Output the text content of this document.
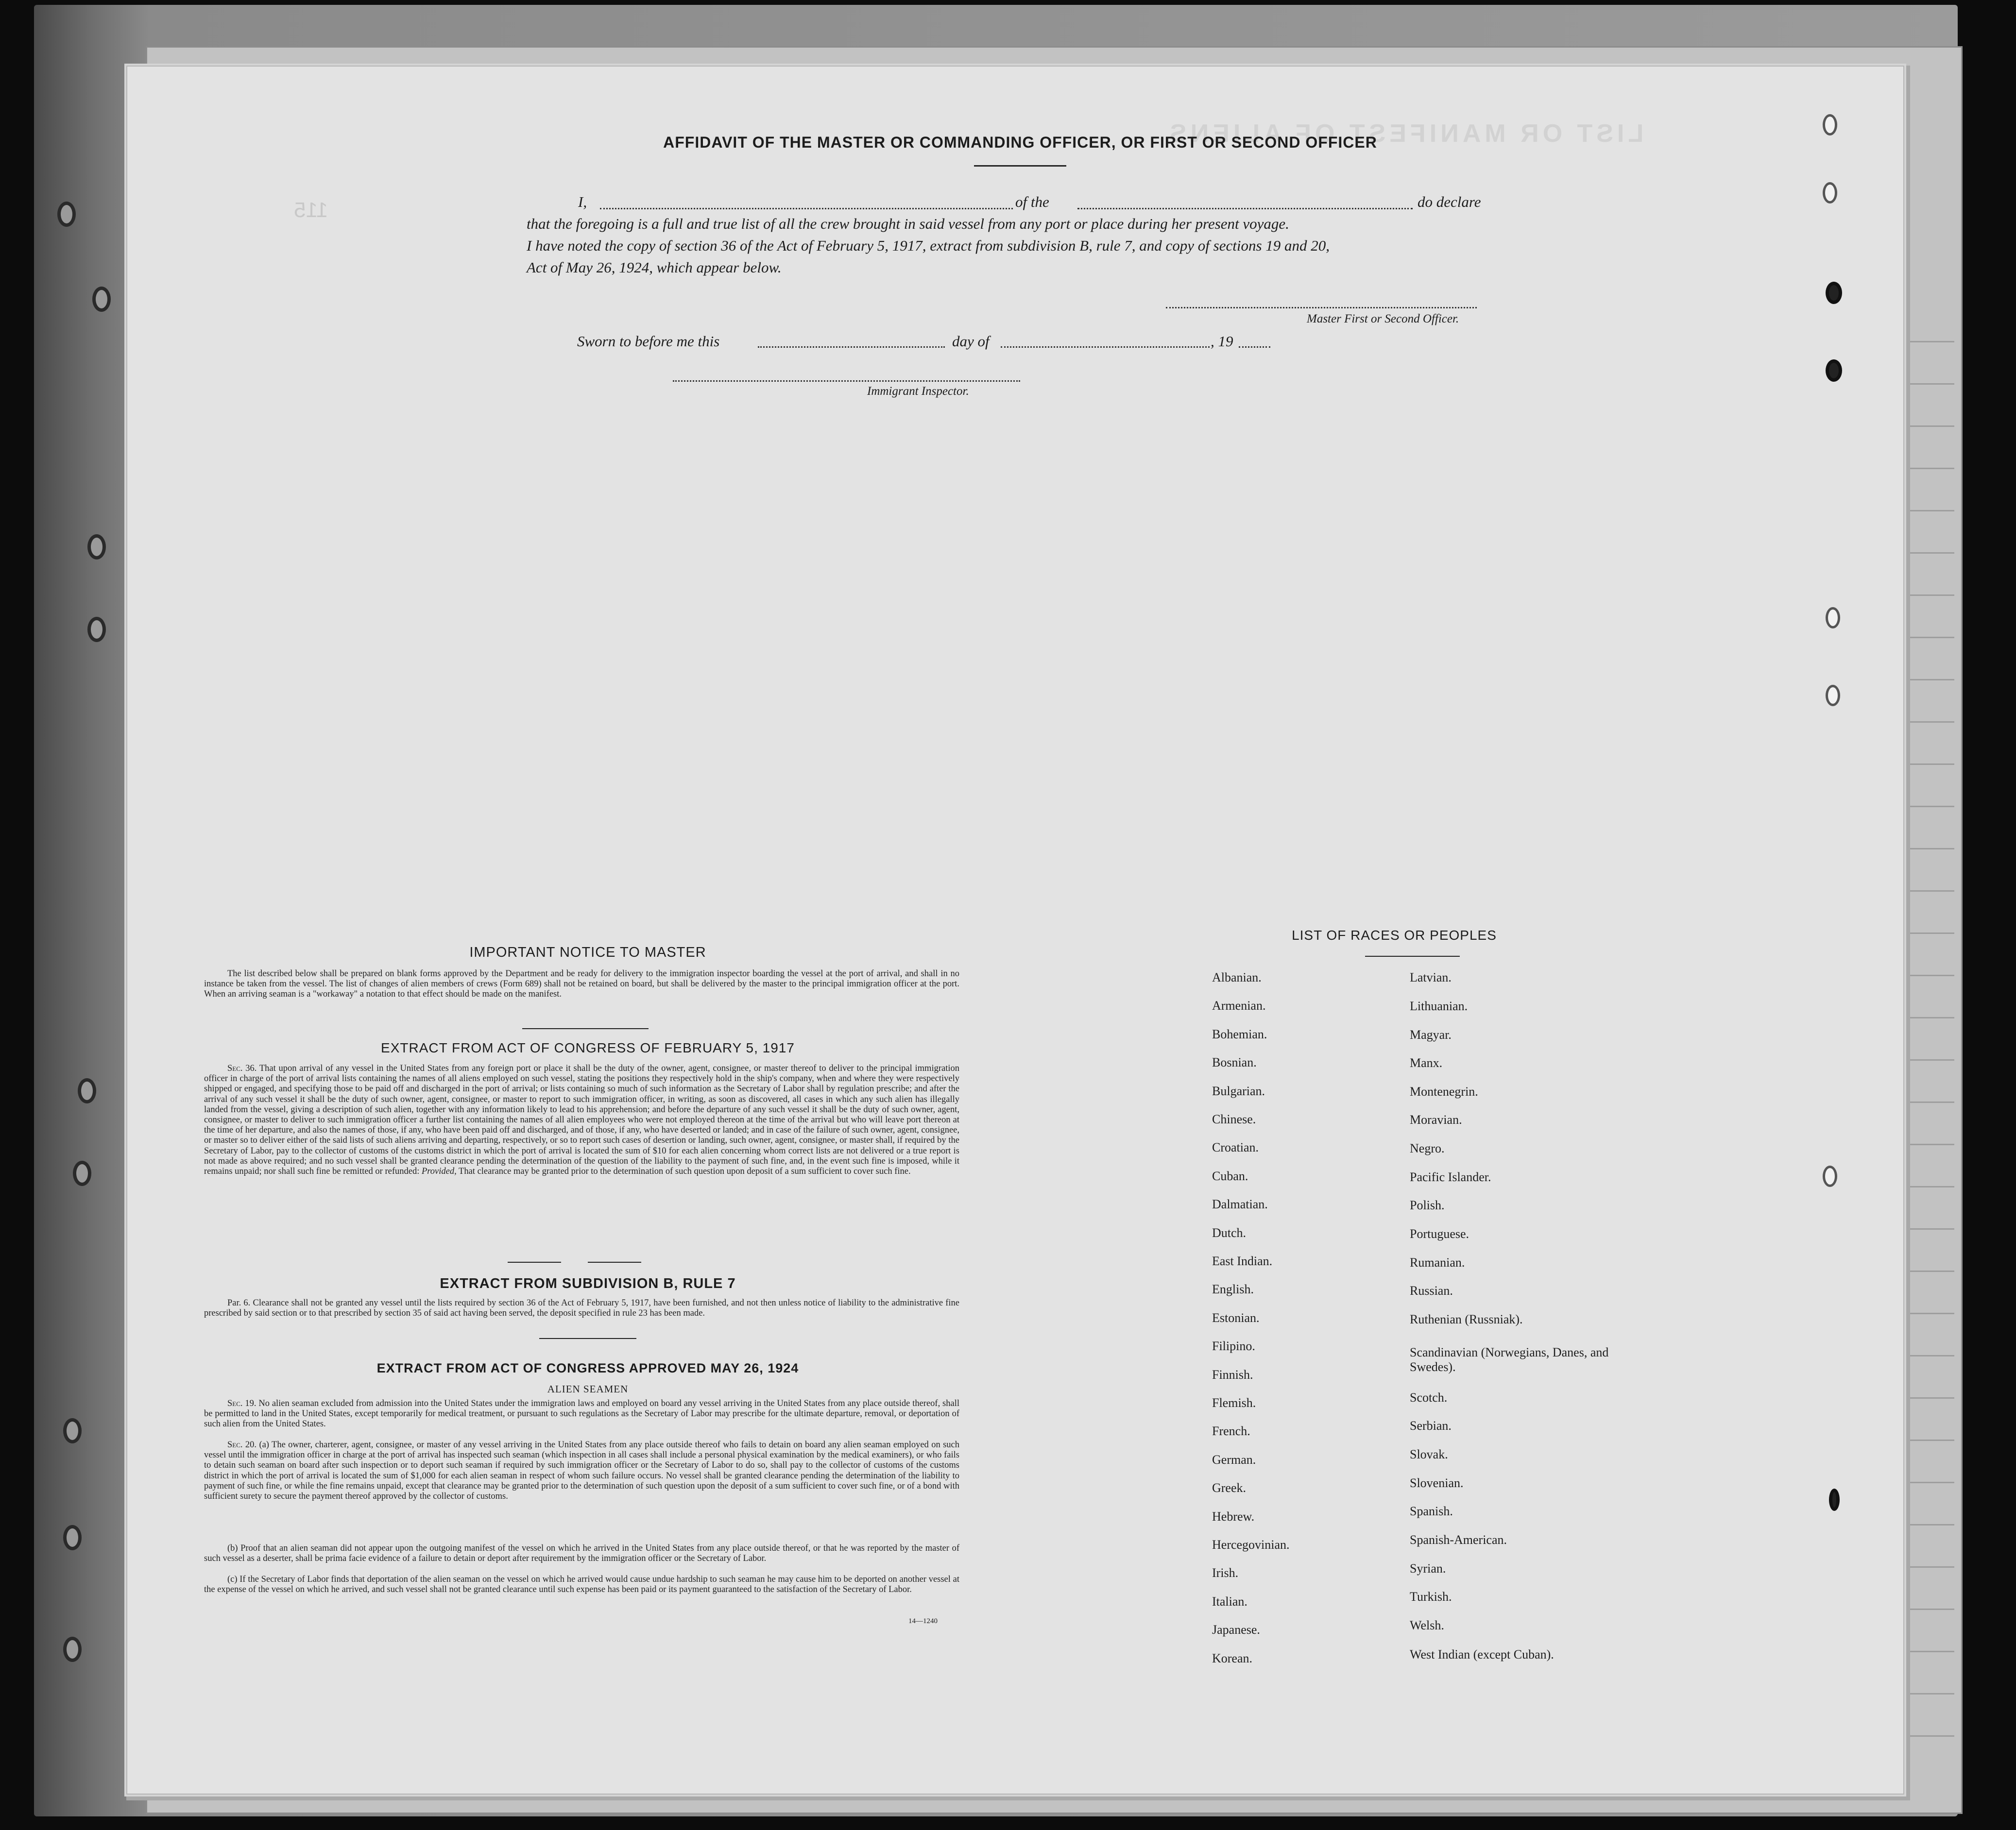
LIST OR MANIFEST OF ALIENS
115
AFFIDAVIT OF THE MASTER OR COMMANDING OFFICER, OR FIRST OR SECOND OFFICER
I,	of the	do declare
that the foregoing is a full and true list of all the crew brought in said vessel from any port or place during her present voyage.
I have noted the copy of section 36 of the Act of February 5, 1917, extract from subdivision B, rule 7, and copy of sections 19 and 20,
Act of May 26, 1924, which appear below.
Master First or Second Officer.
Sworn to before me this	day of	, 19
Immigrant Inspector.
IMPORTANT NOTICE TO MASTER
The list described below shall be prepared on blank forms approved by the Department and be ready for delivery to the immigration inspector boarding the vessel at the port of arrival, and shall in no instance be taken from the vessel. The list of changes of alien members of crews (Form 689) shall not be retained on board, but shall be delivered by the master to the principal immigration officer at the port. When an arriving seaman is a "workaway" a notation to that effect should be made on the manifest.
EXTRACT FROM ACT OF CONGRESS OF FEBRUARY 5, 1917
Sec. 36. That upon arrival of any vessel in the United States from any foreign port or place it shall be the duty of the owner, agent, consignee, or master thereof to deliver to the principal immigration officer in charge of the port of arrival lists containing the names of all aliens employed on such vessel, stating the positions they respectively hold in the ship's company, when and where they were respectively shipped or engaged, and specifying those to be paid off and discharged in the port of arrival; or lists containing so much of such information as the Secretary of Labor shall by regulation prescribe; and after the arrival of any such vessel it shall be the duty of such owner, agent, consignee, or master to report to such immigration officer, in writing, as soon as discovered, all cases in which any such alien has illegally landed from the vessel, giving a description of such alien, together with any information likely to lead to his apprehension; and before the departure of any such vessel it shall be the duty of such owner, agent, consignee, or master to deliver to such immigration officer a further list containing the names of all alien employees who were not employed thereon at the time of the arrival but who will leave port thereon at the time of her departure, and also the names of those, if any, who have been paid off and discharged, and of those, if any, who have deserted or landed; and in case of the failure of such owner, agent, consignee, or master so to deliver either of the said lists of such aliens arriving and departing, respectively, or so to report such cases of desertion or landing, such owner, agent, consignee, or master shall, if required by the Secretary of Labor, pay to the collector of customs of the customs district in which the port of arrival is located the sum of $10 for each alien concerning whom correct lists are not delivered or a true report is not made as above required; and no such vessel shall be granted clearance pending the determination of the question of the liability to the payment of such fine, and, in the event such fine is imposed, while it remains unpaid; nor shall such fine be remitted or refunded: Provided, That clearance may be granted prior to the determination of such question upon deposit of a sum sufficient to cover such fine.
EXTRACT FROM SUBDIVISION B, RULE 7
Par. 6. Clearance shall not be granted any vessel until the lists required by section 36 of the Act of February 5, 1917, have been furnished, and not then unless notice of liability to the administrative fine prescribed by said section or to that prescribed by section 35 of said act having been served, the deposit specified in rule 23 has been made.
EXTRACT FROM ACT OF CONGRESS APPROVED MAY 26, 1924
ALIEN SEAMEN
Sec. 19. No alien seaman excluded from admission into the United States under the immigration laws and employed on board any vessel arriving in the United States from any place outside thereof, shall be permitted to land in the United States, except temporarily for medical treatment, or pursuant to such regulations as the Secretary of Labor may prescribe for the ultimate departure, removal, or deportation of such alien from the United States.
Sec. 20. (a) The owner, charterer, agent, consignee, or master of any vessel arriving in the United States from any place outside thereof who fails to detain on board any alien seaman employed on such vessel until the immigration officer in charge at the port of arrival has inspected such seaman (which inspection in all cases shall include a personal physical examination by the medical examiners), or who fails to detain such seaman on board after such inspection or to deport such seaman if required by such immigration officer or the Secretary of Labor to do so, shall pay to the collector of customs of the customs district in which the port of arrival is located the sum of $1,000 for each alien seaman in respect of whom such failure occurs. No vessel shall be granted clearance pending the determination of the liability to payment of such fine, or while the fine remains unpaid, except that clearance may be granted prior to the determination of such question upon the deposit of a sum sufficient to cover such fine, or of a bond with sufficient surety to secure the payment thereof approved by the collector of customs.
(b) Proof that an alien seaman did not appear upon the outgoing manifest of the vessel on which he arrived in the United States from any place outside thereof, or that he was reported by the master of such vessel as a deserter, shall be prima facie evidence of a failure to detain or deport after requirement by the immigration officer or the Secretary of Labor.
(c) If the Secretary of Labor finds that deportation of the alien seaman on the vessel on which he arrived would cause undue hardship to such seaman he may cause him to be deported on another vessel at the expense of the vessel on which he arrived, and such vessel shall not be granted clearance until such expense has been paid or its payment guaranteed to the satisfaction of the Secretary of Labor.
14—1240
LIST OF RACES OR PEOPLES
Albanian.
Armenian.
Bohemian.
Bosnian.
Bulgarian.
Chinese.
Croatian.
Cuban.
Dalmatian.
Dutch.
East Indian.
English.
Estonian.
Filipino.
Finnish.
Flemish.
French.
German.
Greek.
Hebrew.
Hercegovinian.
Irish.
Italian.
Japanese.
Korean.
Latvian.
Lithuanian.
Magyar.
Manx.
Montenegrin.
Moravian.
Negro.
Pacific Islander.
Polish.
Portuguese.
Rumanian.
Russian.
Ruthenian (Russniak).
Scandinavian (Norwegians, Danes, and Swedes).
Scotch.
Serbian.
Slovak.
Slovenian.
Spanish.
Spanish-American.
Syrian.
Turkish.
Welsh.
West Indian (except Cuban).
